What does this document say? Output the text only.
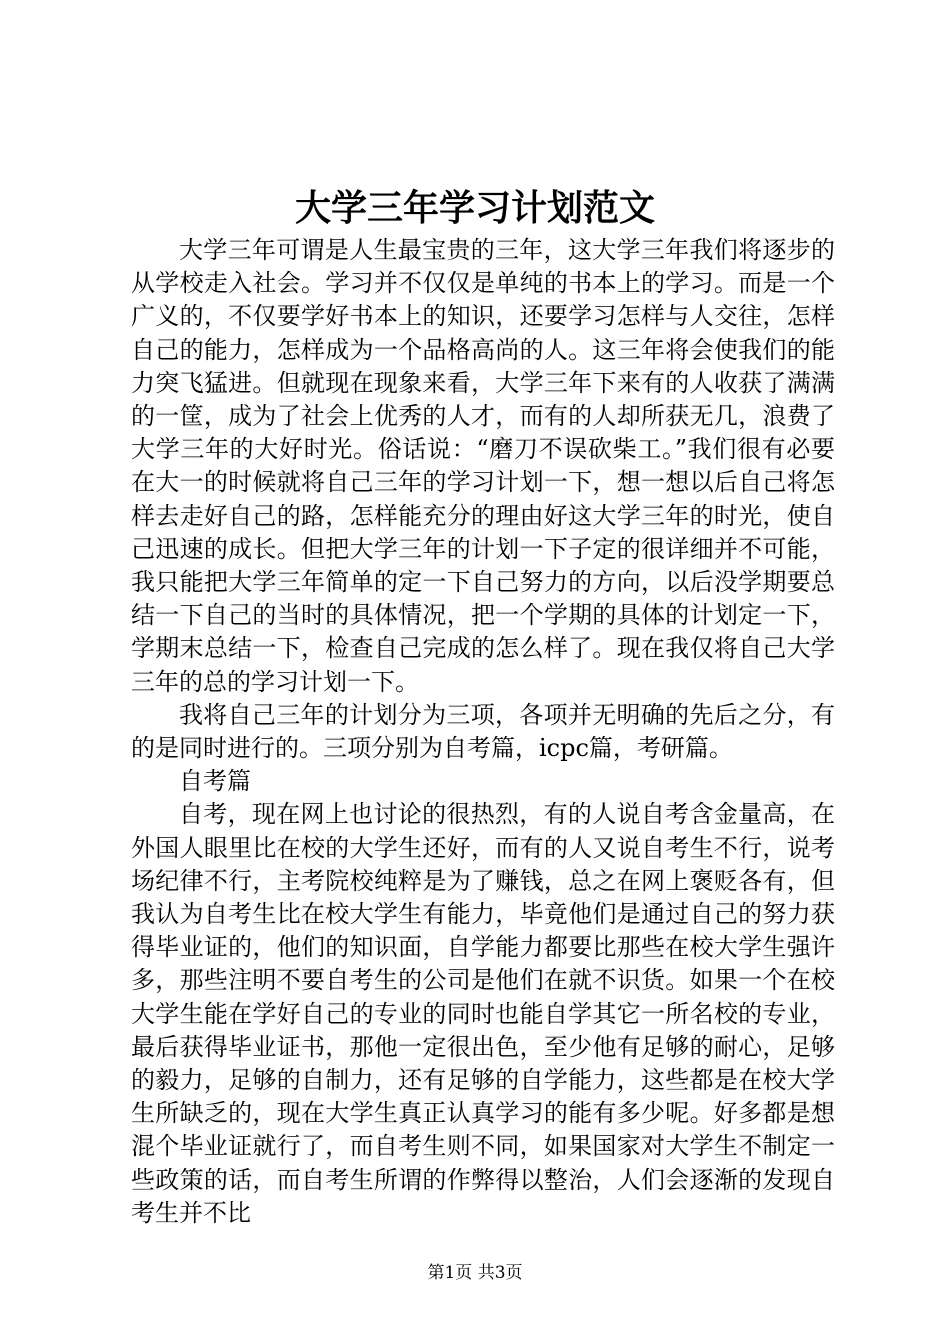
大学三年学习计划范文

大学三年可谓是人生最宝贵的三年，这大学三年我们将逐步的从学校走入社会。学习并不仅仅是单纯的书本上的学习。而是一个广义的，不仅要学好书本上的知识，还要学习怎样与人交往，怎样自己的能力，怎样成为一个品格高尚的人。这三年将会使我们的能力突飞猛进。但就现在现象来看，大学三年下来有的人收获了满满的一筐，成为了社会上优秀的人才，而有的人却所获无几，浪费了大学三年的大好时光。俗话说：“磨刀不误砍柴工。”我们很有必要在大一的时候就将自己三年的学习计划一下，想一想以后自己将怎样去走好自己的路，怎样能充分的理由好这大学三年的时光，使自己迅速的成长。但把大学三年的计划一下子定的很详细并不可能，我只能把大学三年简单的定一下自己努力的方向，以后没学期要总结一下自己的当时的具体情况，把一个学期的具体的计划定一下，学期末总结一下，检查自己完成的怎么样了。现在我仅将自己大学三年的总的学习计划一下。

我将自己三年的计划分为三项，各项并无明确的先后之分，有的是同时进行的。三项分别为自考篇，icpc篇，考研篇。

自考篇

自考，现在网上也讨论的很热烈，有的人说自考含金量高，在外国人眼里比在校的大学生还好，而有的人又说自考生不行，说考场纪律不行，主考院校纯粹是为了赚钱，总之在网上褒贬各有，但我认为自考生比在校大学生有能力，毕竟他们是通过自己的努力获得毕业证的，他们的知识面，自学能力都要比那些在校大学生强许多，那些注明不要自考生的公司是他们在就不识货。如果一个在校大学生能在学好自己的专业的同时也能自学其它一所名校的专业，最后获得毕业证书，那他一定很出色，至少他有足够的耐心，足够的毅力，足够的自制力，还有足够的自学能力，这些都是在校大学生所缺乏的，现在大学生真正认真学习的能有多少呢。好多都是想混个毕业证就行了，而自考生则不同，如果国家对大学生不制定一些政策的话，而自考生所谓的作弊得以整治，人们会逐渐的发现自考生并不比

第1页 共3页
